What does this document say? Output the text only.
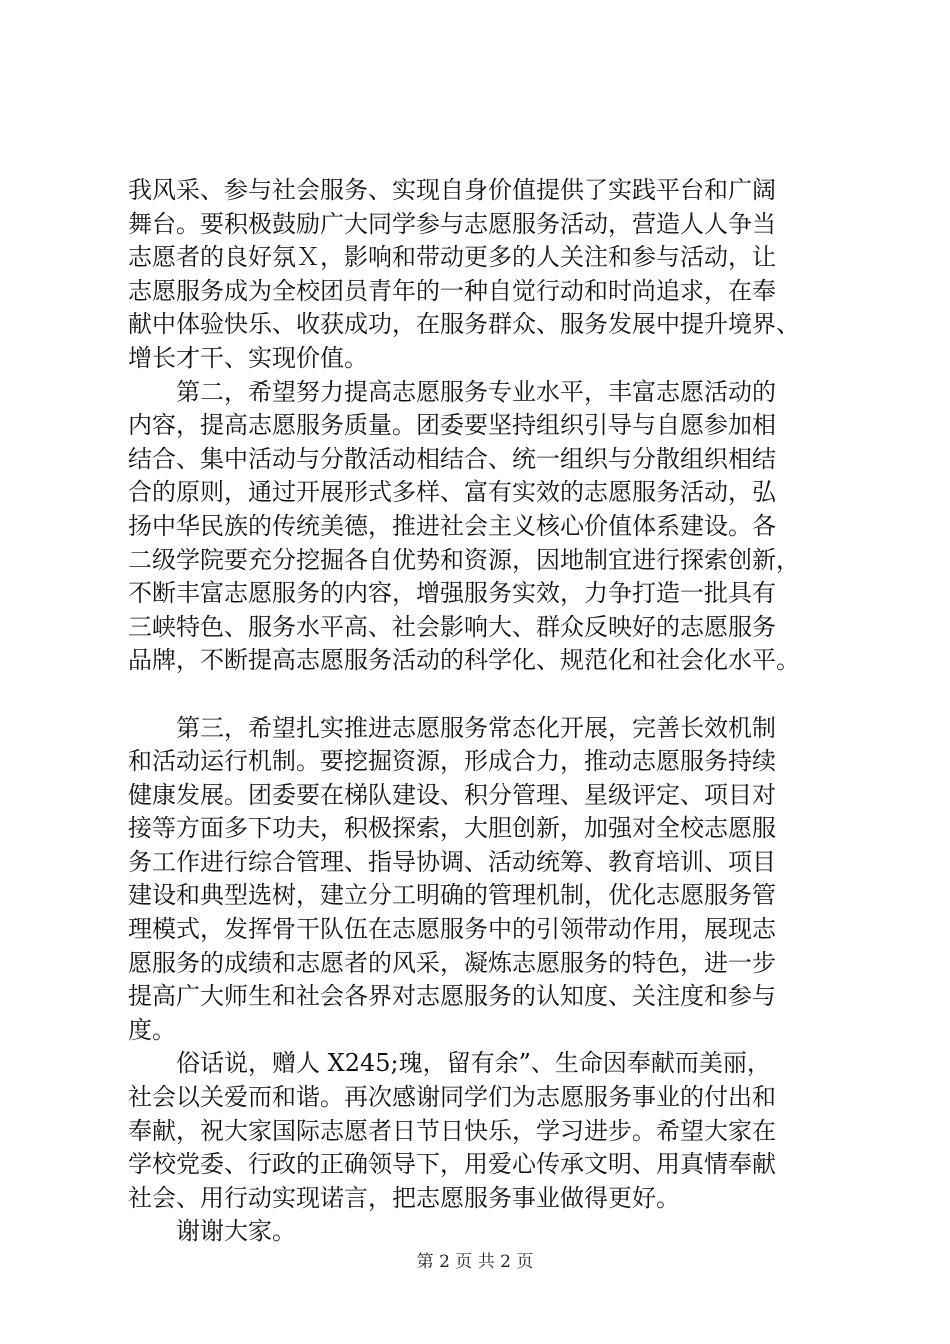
我风采、参与社会服务、实现自身价值提供了实践平台和广阔
舞台。要积极鼓励广大同学参与志愿服务活动，营造人人争当
志愿者的良好氛Ｘ，影响和带动更多的人关注和参与活动，让
志愿服务成为全校团员青年的一种自觉行动和时尚追求，在奉
献中体验快乐、收获成功，在服务群众、服务发展中提升境界、
增长才干、实现价值。
第二，希望努力提高志愿服务专业水平，丰富志愿活动的
内容，提高志愿服务质量。团委要坚持组织引导与自愿参加相
结合、集中活动与分散活动相结合、统一组织与分散组织相结
合的原则，通过开展形式多样、富有实效的志愿服务活动，弘
扬中华民族的传统美德，推进社会主义核心价值体系建设。各
二级学院要充分挖掘各自优势和资源，因地制宜进行探索创新，
不断丰富志愿服务的内容，增强服务实效，力争打造一批具有
三峡特色、服务水平高、社会影响大、群众反映好的志愿服务
品牌，不断提高志愿服务活动的科学化、规范化和社会化水平。
第三，希望扎实推进志愿服务常态化开展，完善长效机制
和活动运行机制。要挖掘资源，形成合力，推动志愿服务持续
健康发展。团委要在梯队建设、积分管理、星级评定、项目对
接等方面多下功夫，积极探索，大胆创新，加强对全校志愿服
务工作进行综合管理、指导协调、活动统筹、教育培训、项目
建设和典型选树，建立分工明确的管理机制，优化志愿服务管
理模式，发挥骨干队伍在志愿服务中的引领带动作用，展现志
愿服务的成绩和志愿者的风采，凝炼志愿服务的特色，进一步
提高广大师生和社会各界对志愿服务的认知度、关注度和参与
度。
俗话说，赠人 X245;瑰，留有余”、生命因奉献而美丽，
社会以关爱而和谐。再次感谢同学们为志愿服务事业的付出和
奉献，祝大家国际志愿者日节日快乐，学习进步。希望大家在
学校党委、行政的正确领导下，用爱心传承文明、用真情奉献
社会、用行动实现诺言，把志愿服务事业做得更好。
谢谢大家。
第 2 页 共 2 页
